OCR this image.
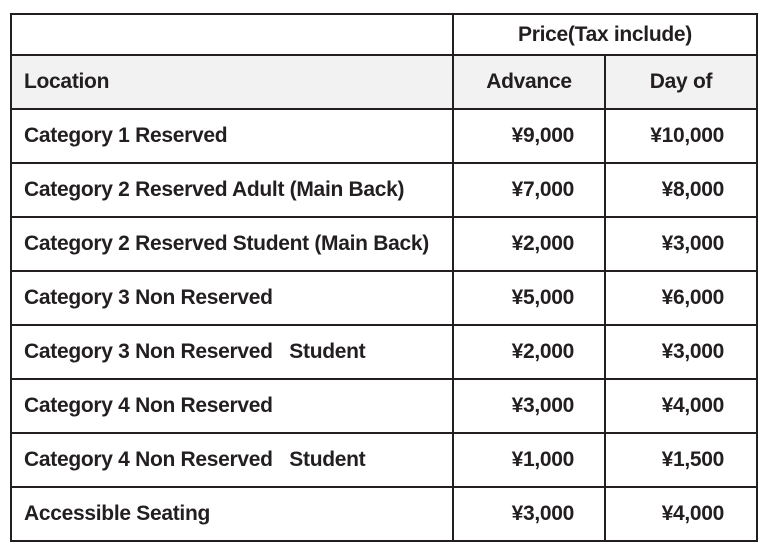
	Price(Tax include)	
Location	Advance	Day of
Category 1 Reserved	¥9,000	¥10,000
Category 2 Reserved Adult (Main Back)	¥7,000	¥8,000
Category 2 Reserved Student (Main Back)	¥2,000	¥3,000
Category 3 Non Reserved	¥5,000	¥6,000
Category 3 Non Reserved   Student	¥2,000	¥3,000
Category 4 Non Reserved	¥3,000	¥4,000
Category 4 Non Reserved   Student	¥1,000	¥1,500
Accessible Seating	¥3,000	¥4,000
